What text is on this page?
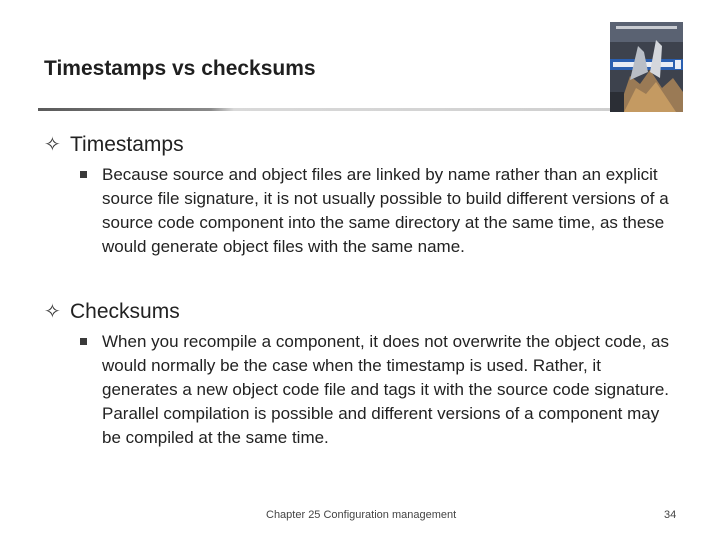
Timestamps vs checksums
✧ Timestamps
Because source and object files are linked by name rather than an explicit source file signature, it is not usually possible to build different versions of a source code component into the same directory at the same time, as these would generate object files with the same name.
✧ Checksums
When you recompile a component, it does not overwrite the object code, as would normally be the case when the timestamp is used. Rather, it generates a new object code file and tags it with the source code signature. Parallel compilation is possible and different versions of a component may be compiled at the same time.
Chapter 25 Configuration management	34
